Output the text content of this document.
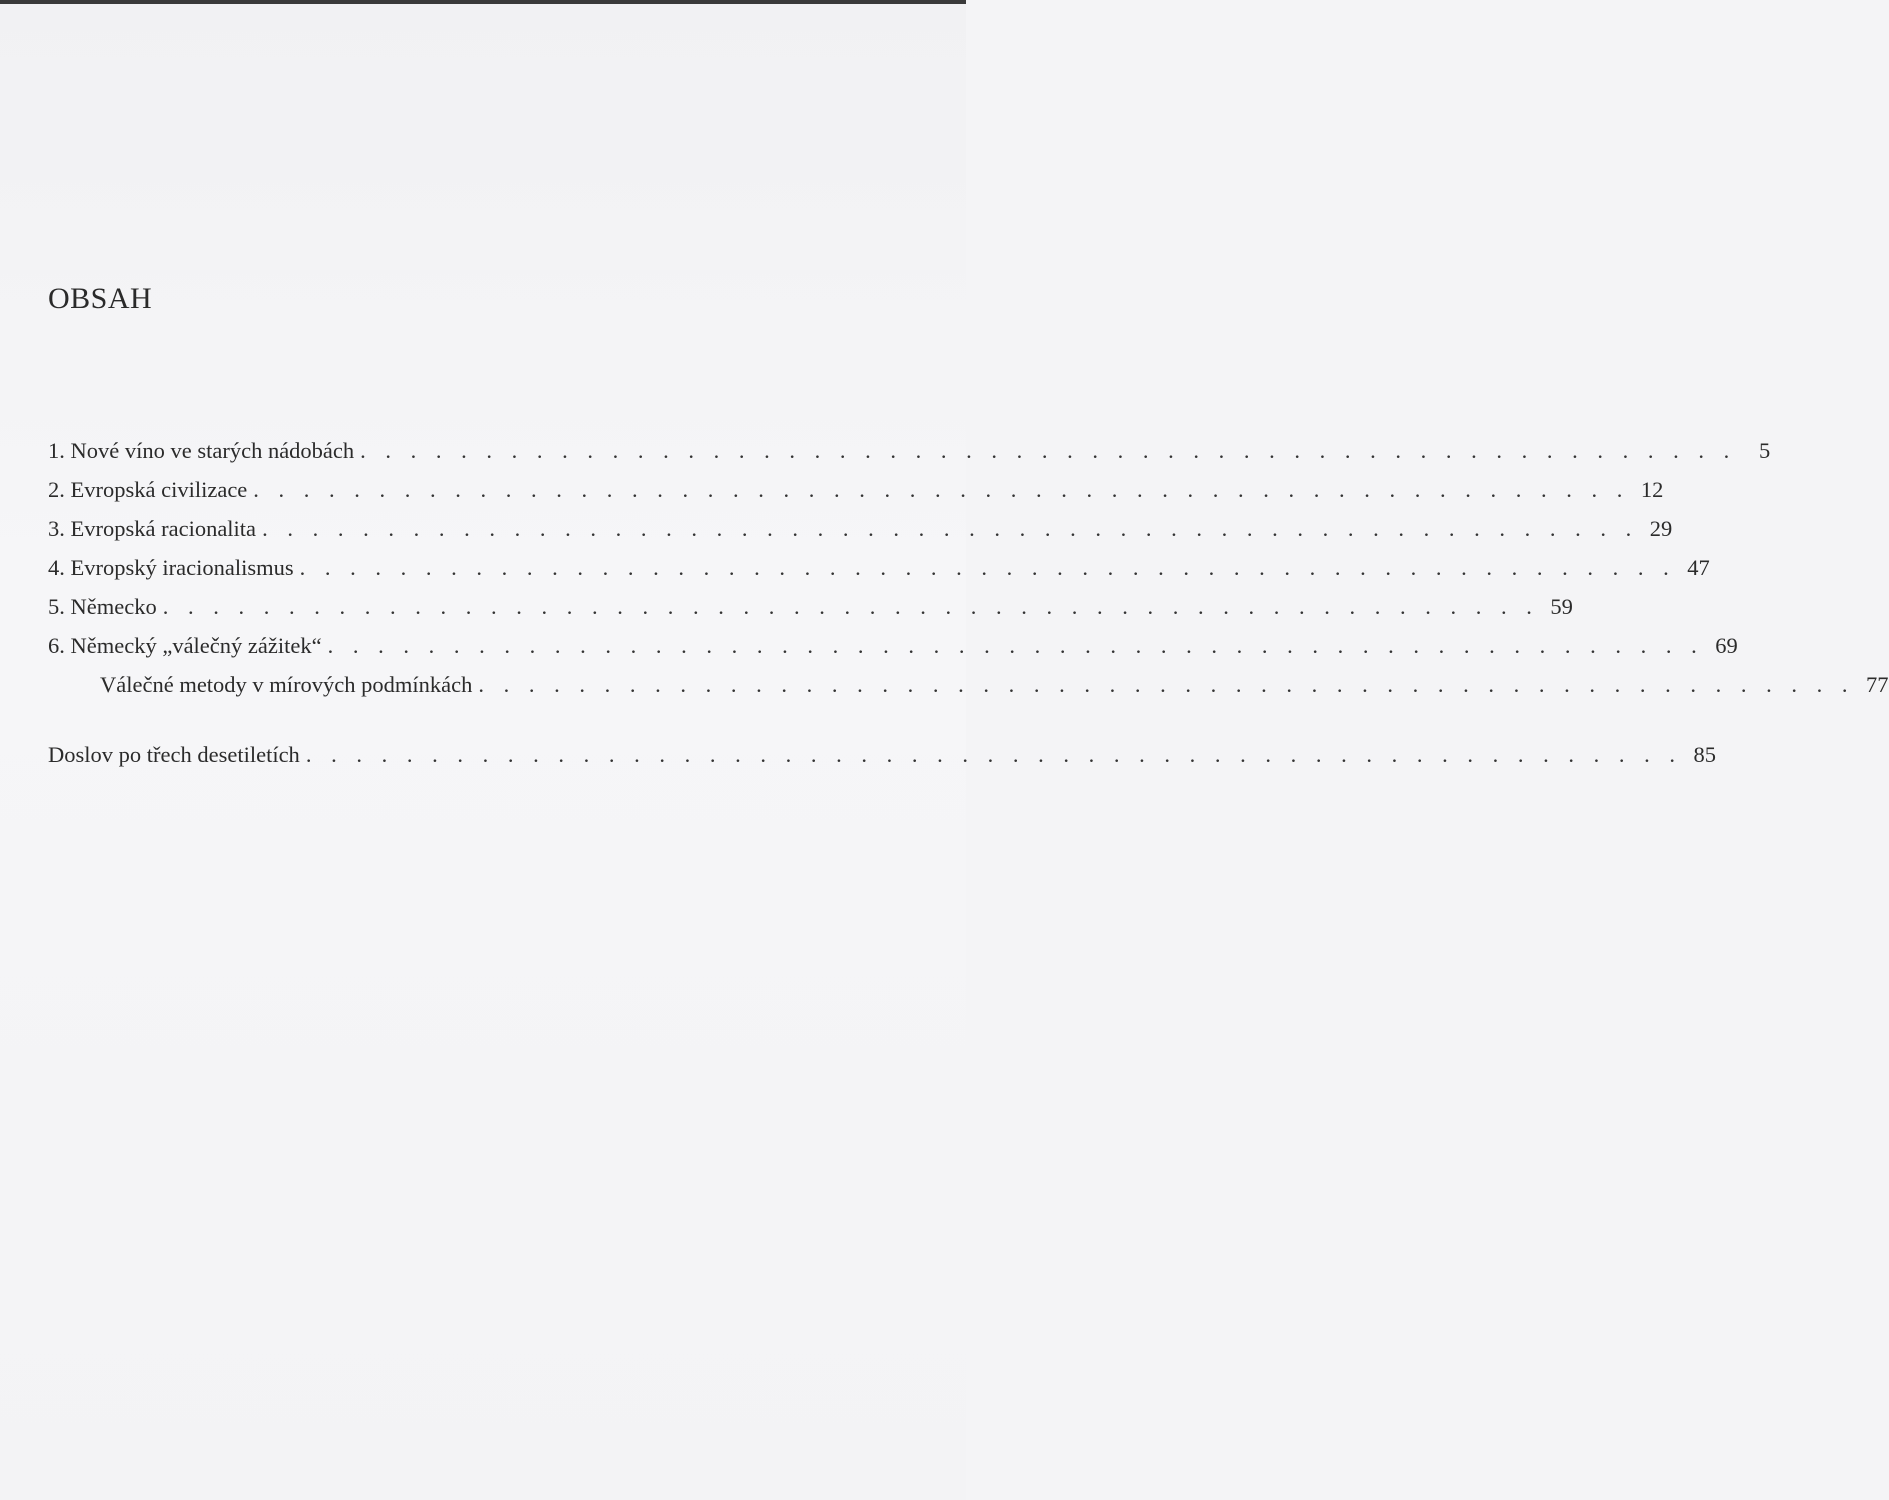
OBSAH
1. Nové víno ve starých nádobách . . . . . . . . . . . . . . . . . . . . . . . . . . . . . . . . . . . . . . . . . . . . . . . . . . . . . . .	5
2. Evropská civilizace . . . . . . . . . . . . . . . . . . . . . . . . . . . . . . . . . . . . . . . . . . . . . . . . . . . . . . . 12
3. Evropská racionalita . . . . . . . . . . . . . . . . . . . . . . . . . . . . . . . . . . . . . . . . . . . . . . . . . . . . . . . 29
4. Evropský iracionalismus . . . . . . . . . . . . . . . . . . . . . . . . . . . . . . . . . . . . . . . . . . . . . . . . . . . . . . . 47
5. Německo . . . . . . . . . . . . . . . . . . . . . . . . . . . . . . . . . . . . . . . . . . . . . . . . . . . . . . . 59
6. Německý „válečný zážitek“ . . . . . . . . . . . . . . . . . . . . . . . . . . . . . . . . . . . . . . . . . . . . . . . . . . . . . . . 69
Válečné metody v mírových podmínkách . . . . . . . . . . . . . . . . . . . . . . . . . . . . . . . . . . . . . . . . . . . . . . . . . . . . . . . 77
Doslov po třech desetiletích . . . . . . . . . . . . . . . . . . . . . . . . . . . . . . . . . . . . . . . . . . . . . . . . . . . . . . . 85
